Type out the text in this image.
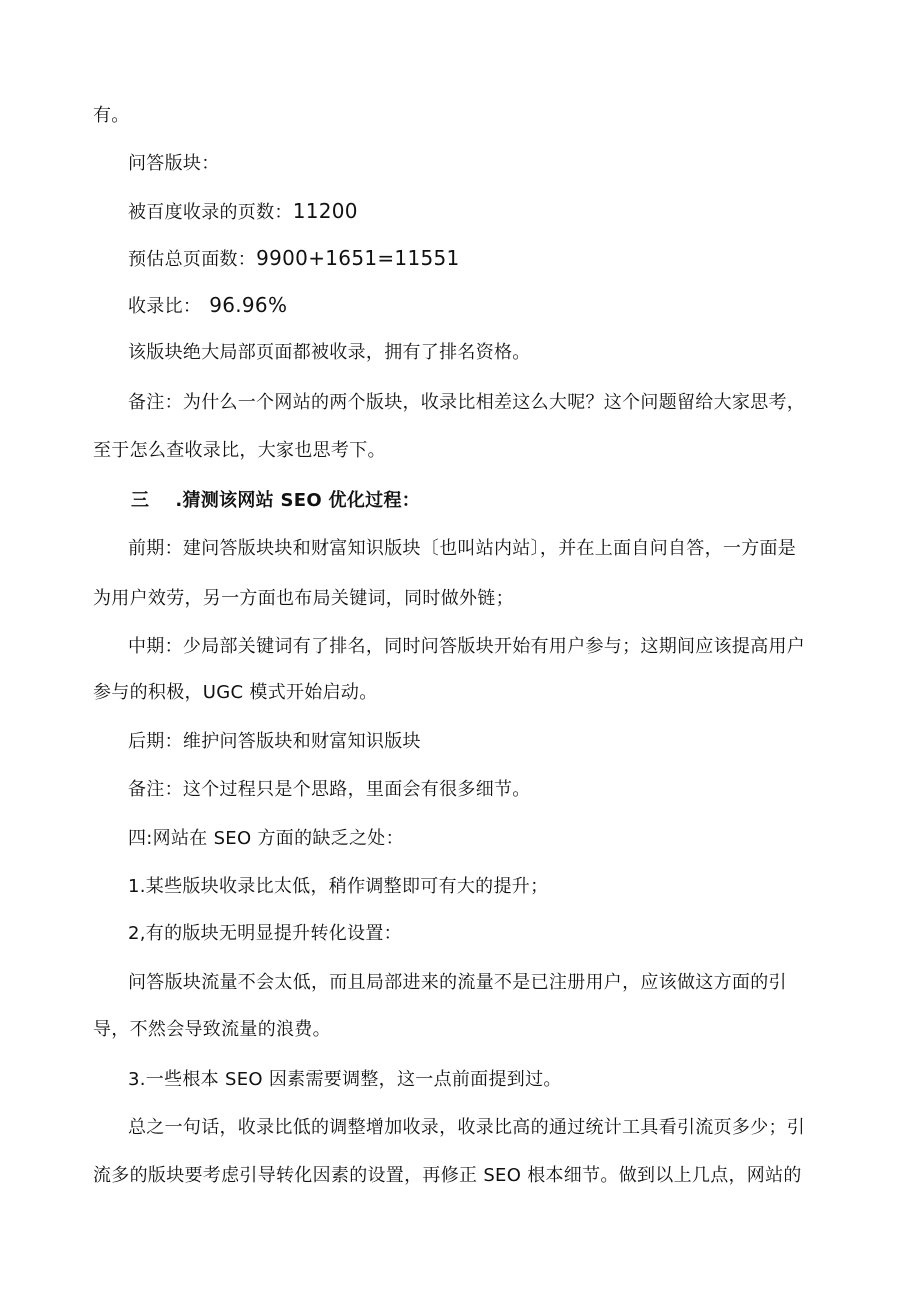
有。
问答版块：
被百度收录的页数：11200
预估总页面数：9900+1651=11551
收录比： 96.96%
该版块绝大局部页面都被收录，拥有了排名资格。
备注：为什么一个网站的两个版块，收录比相差这么大呢？这个问题留给大家思考，
至于怎么查收录比，大家也思考下。
三 .猜测该网站 SEO 优化过程：
前期：建问答版块块和财富知识版块〔也叫站内站〕，并在上面自问自答，一方面是
为用户效劳，另一方面也布局关键词，同时做外链；
中期：少局部关键词有了排名，同时问答版块开始有用户参与；这期间应该提高用户
参与的积极，UGC 模式开始启动。
后期：维护问答版块和财富知识版块
备注：这个过程只是个思路，里面会有很多细节。
四:网站在 SEO 方面的缺乏之处：
1.某些版块收录比太低，稍作调整即可有大的提升；
2,有的版块无明显提升转化设置：
问答版块流量不会太低，而且局部进来的流量不是已注册用户，应该做这方面的引
导，不然会导致流量的浪费。
3.一些根本 SEO 因素需要调整，这一点前面提到过。
总之一句话，收录比低的调整增加收录，收录比高的通过统计工具看引流页多少；引
流多的版块要考虑引导转化因素的设置，再修正 SEO 根本细节。做到以上几点，网站的
